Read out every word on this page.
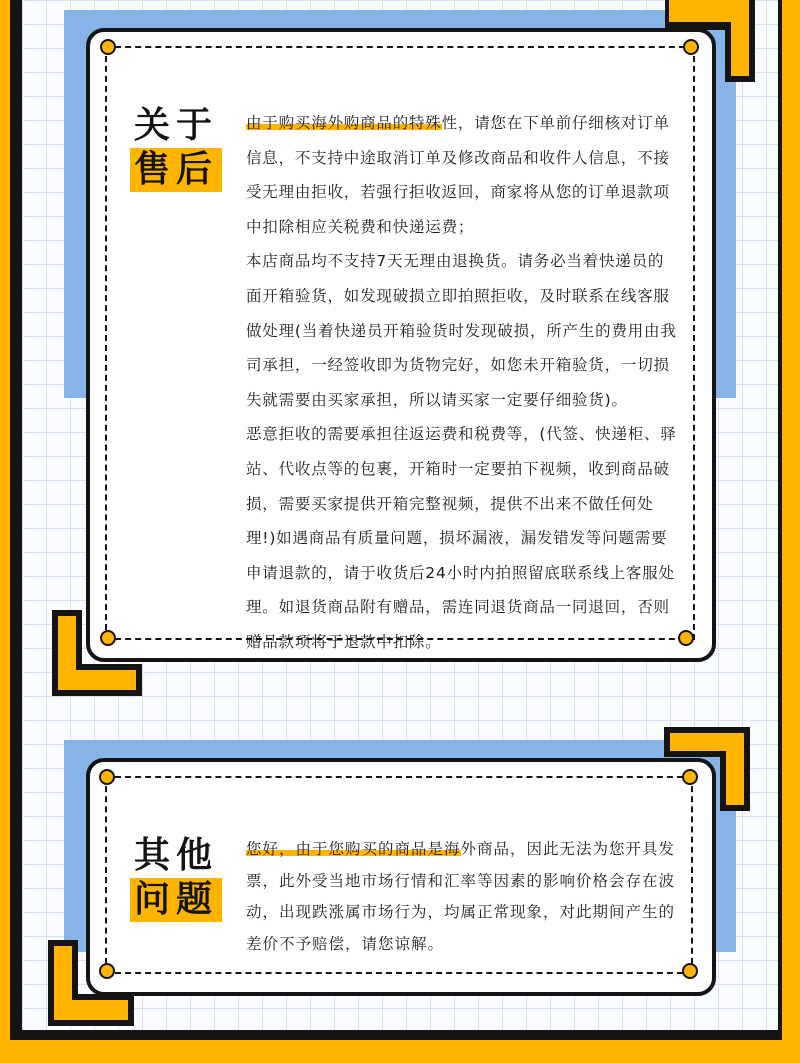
关于
售后

由于购买海外购商品的特殊性，请您在下单前仔细核对订单信息，不支持中途取消订单及修改商品和收件人信息，不接受无理由拒收，若强行拒收返回，商家将从您的订单退款项中扣除相应关税费和快递运费；

本店商品均不支持7天无理由退换货。请务必当着快递员的面开箱验货，如发现破损立即拍照拒收，及时联系在线客服做处理(当着快递员开箱验货时发现破损，所产生的费用由我司承担，一经签收即为货物完好，如您未开箱验货，一切损失就需要由买家承担，所以请买家一定要仔细验货)。

恶意拒收的需要承担往返运费和税费等，(代签、快递柜、驿站、代收点等的包裹，开箱时一定要拍下视频，收到商品破损，需要买家提供开箱完整视频，提供不出来不做任何处理!)如遇商品有质量问题，损坏漏液，漏发错发等问题需要申请退款的，请于收货后24小时内拍照留底联系线上客服处理。如退货商品附有赠品，需连同退货商品一同退回，否则赠品款项将于退款中扣除。

其他
问题

您好，由于您购买的商品是海外商品，因此无法为您开具发票，此外受当地市场行情和汇率等因素的影响价格会存在波动，出现跌涨属市场行为，均属正常现象，对此期间产生的差价不予赔偿，请您谅解。
